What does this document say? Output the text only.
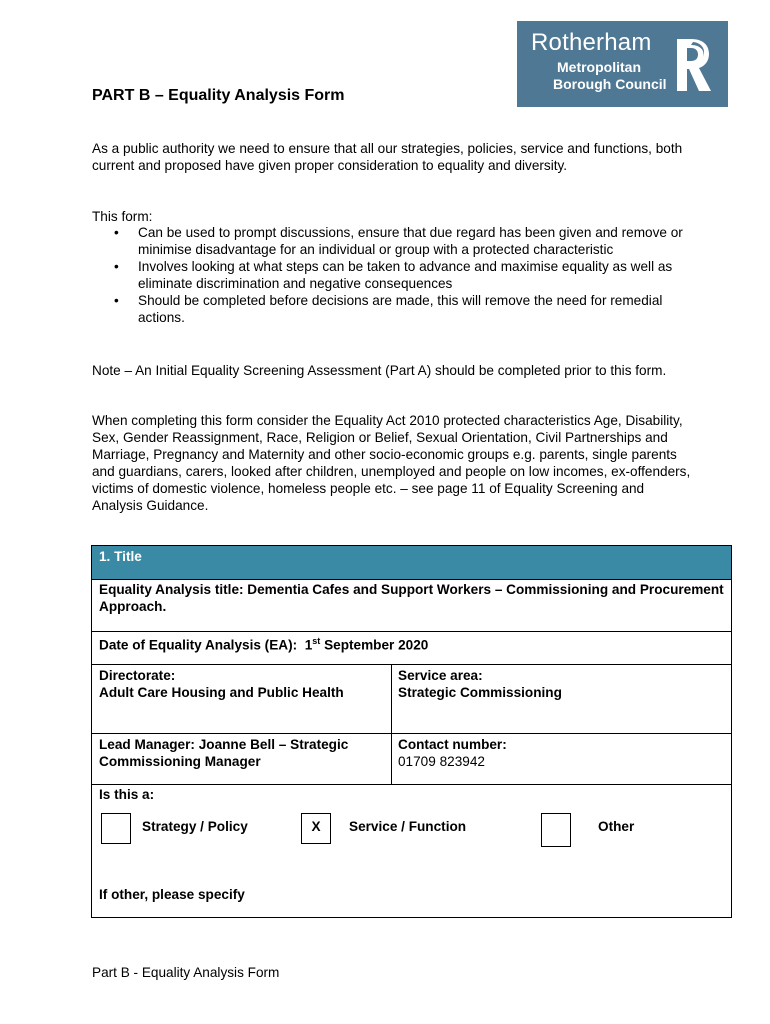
Rotherham
Metropolitan
Borough Council
PART B – Equality Analysis Form
As a public authority we need to ensure that all our strategies, policies, service and functions, both current and proposed have given proper consideration to equality and diversity.
This form:
• Can be used to prompt discussions, ensure that due regard has been given and remove or minimise disadvantage for an individual or group with a protected characteristic
• Involves looking at what steps can be taken to advance and maximise equality as well as eliminate discrimination and negative consequences
• Should be completed before decisions are made, this will remove the need for remedial actions.
Note – An Initial Equality Screening Assessment (Part A) should be completed prior to this form.
When completing this form consider the Equality Act 2010 protected characteristics Age, Disability, Sex, Gender Reassignment, Race, Religion or Belief, Sexual Orientation, Civil Partnerships and Marriage, Pregnancy and Maternity and other socio-economic groups e.g. parents, single parents and guardians, carers, looked after children, unemployed and people on low incomes, ex-offenders, victims of domestic violence, homeless people etc. – see page 11 of Equality Screening and Analysis Guidance.
1. Title
Equality Analysis title: Dementia Cafes and Support Workers – Commissioning and Procurement Approach.
Date of Equality Analysis (EA): 1st September 2020
Directorate:
Adult Care Housing and Public Health
Service area:
Strategic Commissioning
Lead Manager: Joanne Bell – Strategic Commissioning Manager
Contact number:
01709 823942
Is this a:
Strategy / Policy	X	Service / Function	Other
If other, please specify
Part B - Equality Analysis Form
